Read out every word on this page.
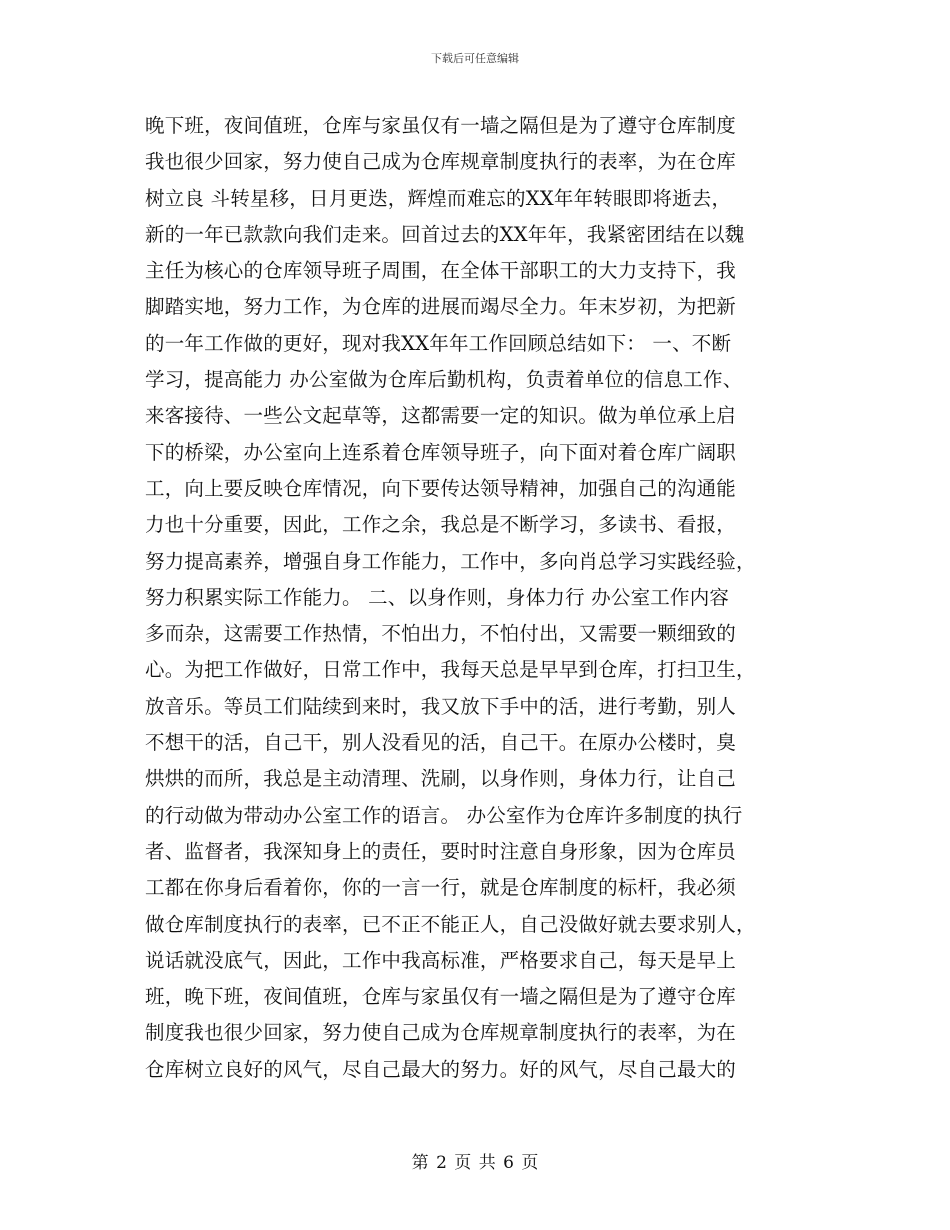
下载后可任意编辑
晚下班，夜间值班，仓库与家虽仅有一墙之隔但是为了遵守仓库制度
我也很少回家，努力使自己成为仓库规章制度执行的表率，为在仓库
树立良 斗转星移，日月更迭，辉煌而难忘的XX年年转眼即将逝去，
新的一年已款款向我们走来。回首过去的XX年年，我紧密团结在以魏
主任为核心的仓库领导班子周围，在全体干部职工的大力支持下，我
脚踏实地，努力工作，为仓库的进展而竭尽全力。年末岁初，为把新
的一年工作做的更好，现对我XX年年工作回顾总结如下： 一、不断
学习，提高能力 办公室做为仓库后勤机构，负责着单位的信息工作、
来客接待、一些公文起草等，这都需要一定的知识。做为单位承上启
下的桥梁，办公室向上连系着仓库领导班子，向下面对着仓库广阔职
工，向上要反映仓库情况，向下要传达领导精神，加强自己的沟通能
力也十分重要，因此，工作之余，我总是不断学习，多读书、看报，
努力提高素养，增强自身工作能力，工作中，多向肖总学习实践经验，
努力积累实际工作能力。 二、以身作则，身体力行 办公室工作内容
多而杂，这需要工作热情，不怕出力，不怕付出，又需要一颗细致的
心。为把工作做好，日常工作中，我每天总是早早到仓库，打扫卫生，
放音乐。等员工们陆续到来时，我又放下手中的活，进行考勤，别人
不想干的活，自己干，别人没看见的活，自己干。在原办公楼时，臭
烘烘的而所，我总是主动清理、洗刷，以身作则，身体力行，让自己
的行动做为带动办公室工作的语言。 办公室作为仓库许多制度的执行
者、监督者，我深知身上的责任，要时时注意自身形象，因为仓库员
工都在你身后看着你，你的一言一行，就是仓库制度的标杆，我必须
做仓库制度执行的表率，已不正不能正人，自己没做好就去要求别人，
说话就没底气，因此，工作中我高标准，严格要求自己，每天是早上
班，晚下班，夜间值班，仓库与家虽仅有一墙之隔但是为了遵守仓库
制度我也很少回家，努力使自己成为仓库规章制度执行的表率，为在
仓库树立良好的风气，尽自己最大的努力。好的风气，尽自己最大的
第 2 页 共 6 页
